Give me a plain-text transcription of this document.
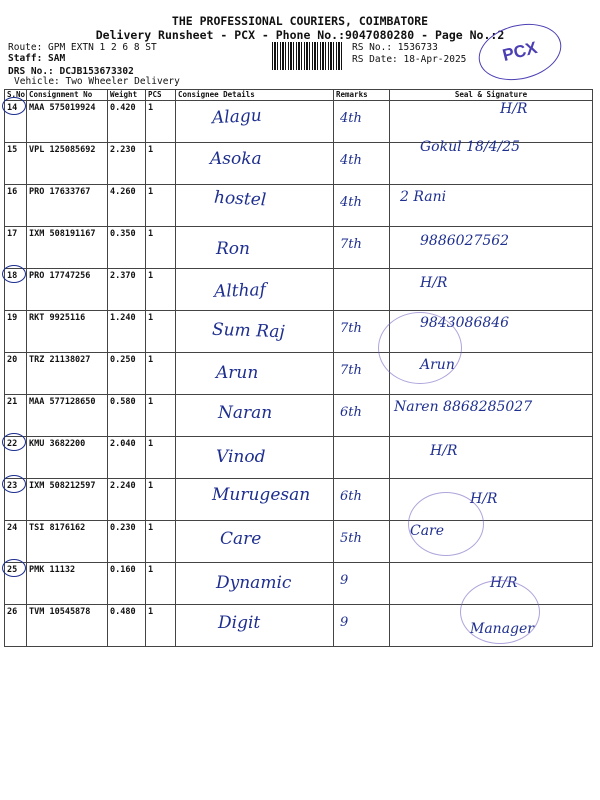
THE PROFESSIONAL COURIERS, COIMBATORE
Delivery Runsheet - PCX - Phone No.:9047080280 - Page No.:2
Route: GPM EXTN 1 2 6 8 ST
Staff: SAM
DRS No.: DCJB153673302
Vehicle: Two Wheeler Delivery
RS No.: 1536733
RS Date: 18-Apr-2025 PCX
S.No	Consignment No	Weight	PCS	Consignee Details	Remarks	Seal & Signature
14	MAA 575019924	0.420	1	Alagu	4th	H/R

15	VPL 125085692	2.230	1	Asoka	4th	Gokul 18/4/25

16	PRO 17633767	4.260	1	hostel	4th	2 Rani

17	IXM 508191167	0.350	1	Ron	7th	9886027562

18	PRO 17747256	2.370	1	Althaf		H/R

19	RKT 9925116	1.240	1	Sum Raj	7th	9843086846

20	TRZ 21138027	0.250	1	Arun	7th	Arun

21	MAA 577128650	0.580	1	Naran	6th	Naren 8868285027

22	KMU 3682200	2.040	1	Vinod		H/R

23	IXM 508212597	2.240	1	Murugesan	6th	H/R

24	TSI 8176162	0.230	1	Care	5th	Care

25	PMK 11132	0.160	1	Dynamic	9	H/R

26	TVM 10545878	0.480	1	Digit	9	Manager
